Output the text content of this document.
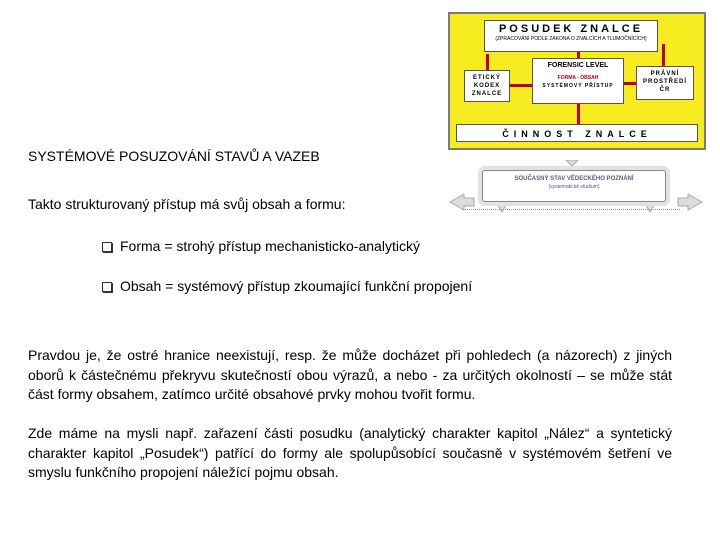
POSUDEK ZNALCE
(ZPRACOVÁNÍ PODLE ZÁKONA O ZNALCÍCH A TLUMOČNÍCÍCH)
FORENSIC LEVEL
FORMA - OBSAH
SYSTÉMOVÝ PŘÍSTUP
ETICKÝ
KODEX
ZNALCE
PRÁVNÍ
PROSTŘEDÍ
ČR
ČINNOST ZNALCE
SOUČASNÝ STAV VĚDECKÉHO POZNÁNÍ
(systematické studium)
SYSTÉMOVÉ POSUZOVÁNÍ STAVŮ A VAZEB
Takto strukturovaný přístup má svůj obsah a formu:
Forma = strohý přístup mechanisticko-analytický
Obsah = systémový přístup zkoumající funkční propojení
Pravdou je, že ostré hranice neexistují, resp. že může docházet při pohledech (a názorech) z jiných oborů k částečnému překryvu skutečností obou výrazů, a nebo - za určitých okolností – se může stát část formy obsahem, zatímco určité obsahové prvky mohou tvořit formu.
Zde máme na mysli např. zařazení části posudku (analytický charakter kapitol „Nález“ a syntetický charakter kapitol „Posudek“) patřící do formy ale spolupůsobící současně v systémovém šetření ve smyslu funkčního propojení náležící pojmu obsah.
